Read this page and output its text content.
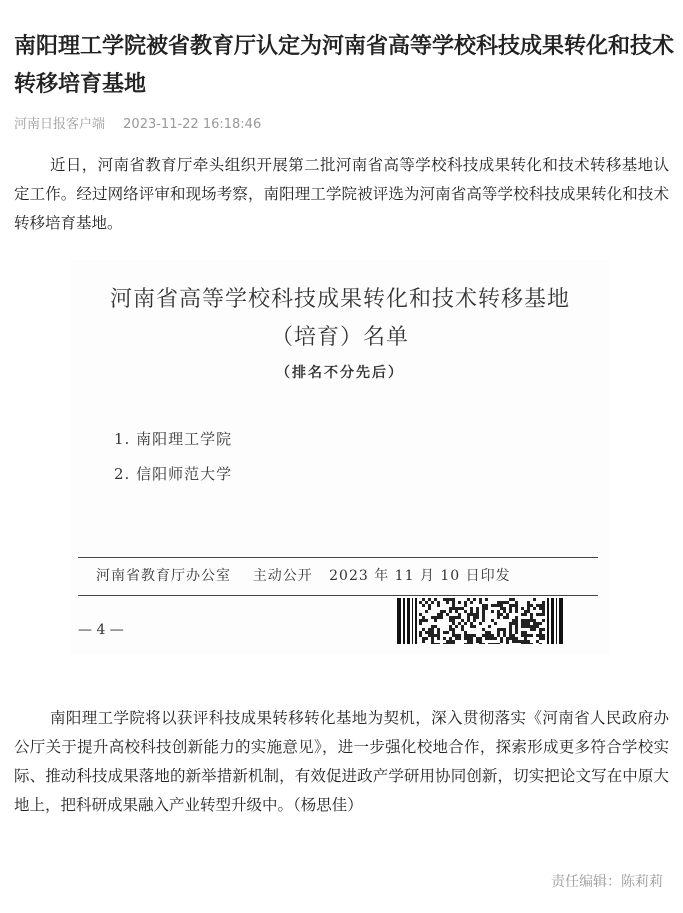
南阳理工学院被省教育厅认定为河南省高等学校科技成果转化和技术转移培育基地
河南日报客户端 2023-11-22 16:18:46

近日，河南省教育厅牵头组织开展第二批河南省高等学校科技成果转化和技术转移基地认定工作。经过网络评审和现场考察，南阳理工学院被评选为河南省高等学校科技成果转化和技术转移培育基地。

河南省高等学校科技成果转化和技术转移基地
（培育）名单
（排名不分先后）
1. 南阳理工学院
2. 信阳师范大学
河南省教育厅办公室    主动公开   2023 年 11 月 10 日印发
— 4 —

南阳理工学院将以获评科技成果转移转化基地为契机，深入贯彻落实《河南省人民政府办公厅关于提升高校科技创新能力的实施意见》，进一步强化校地合作，探索形成更多符合学校实际、推动科技成果落地的新举措新机制，有效促进政产学研用协同创新，切实把论文写在中原大地上，把科研成果融入产业转型升级中。（杨思佳）

责任编辑：陈莉莉
